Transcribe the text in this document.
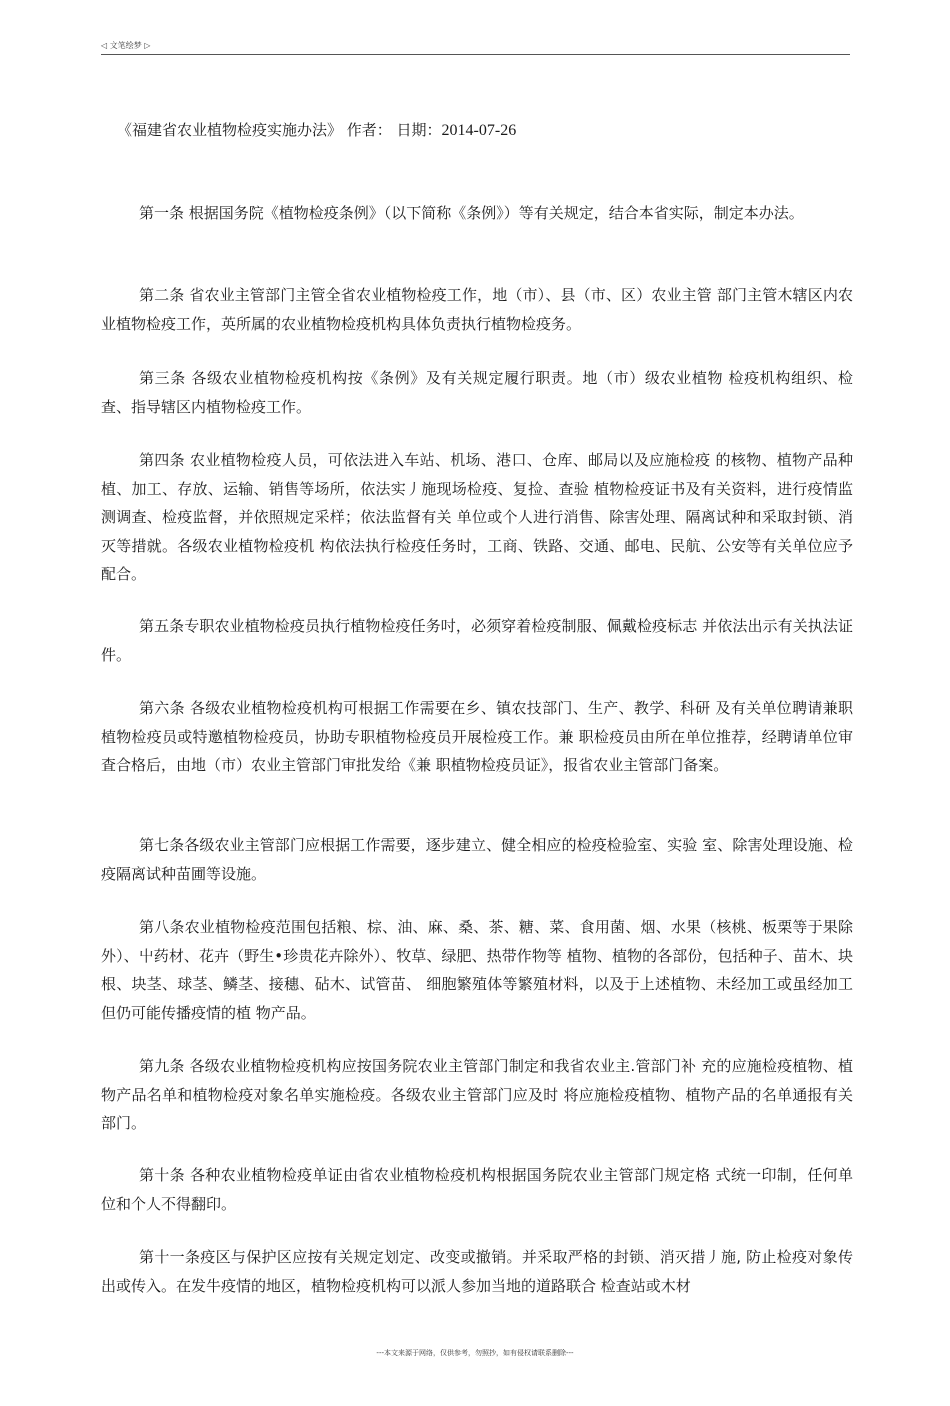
◁ 文笔绘梦 ▷
《福建省农业植物检疫实施办法》 作者： 日期：2014-07-26

第一条 根据国务院《植物检疫条例》（以下简称《条例》）等有关规定，结合本省实际，制定本办法。

第二条 省农业主管部门主管全省农业植物检疫工作，地（市）、县（市、区）农业主管 部门主管木辖区内农业植物检疫工作，英所属的农业植物检疫机构具体负责执行植物检疫务。

第三条 各级农业植物检疫机构按《条例》及有关规定履行职责。地（市）级农业植物 检疫机构组织、检查、指导辖区内植物检疫工作。

第四条 农业植物检疫人员，可依法进入车站、机场、港口、仓库、邮局以及应施检疫 的核物、植物产品种植、加工、存放、运输、销售等场所，依法实丿施现场检疫、复捡、查验 植物检疫证书及有关资料，进行疫情监测调查、检疫监督，并依照规定采样；依法监督有关 单位或个人进行消售、除害处理、隔离试种和采取封锁、消灭等措就。各级农业植物检疫机 构依法执行检疫任务时，工商、铁路、交通、邮电、民航、公安等有关单位应予配合。

第五条专职农业植物检疫员执行植物检疫任务吋，必须穿着检疫制服、佩戴检疫标志 并依法出示有关执法证件。

第六条 各级农业植物检疫机构可根据工作需要在乡、镇农技部门、生产、教学、科研 及有关单位聘请兼职植物检疫员或特邀植物检疫员，协助专职植物检疫员开展检疫工作。兼 职检疫员由所在单位推荐，经聘请单位审査合格后，由地（市）农业主管部门审批发给《兼 职植物检疫员证》，报省农业主管部门备案。

第七条各级农业主管部门应根据工作需要，逐步建立、健全相应的检疫检验室、实验 室、除害处理设施、检疫隔离试种苗圃等设施。

第八条农业植物检疫范围包括粮、棕、油、麻、桑、茶、糖、菜、食用菌、烟、水果（核桃、板栗等于果除外）、屮药材、花卉（野生•珍贵花卉除外）、牧草、绿肥、热带作物等 植物、植物的各部份，包括种子、苗木、块根、块茎、球茎、鳞茎、接穗、砧木、试管苗、 细胞繁殖体等繁殖材料，以及于上述植物、未经加工或虽经加工但仍可能传播疫情的植 物产品。

第九条 各级农业植物检疫机构应按国务院农业主管部门制定和我省农业主.管部门补 充的应施检疫植物、植物产品名单和植物检疫对象名单实施检疫。各级农业主管部门应及时 将应施检疫植物、植物产品的名单通报有关部门。

第十条 各种农业植物检疫单证由省农业植物检疫机构根据国务院农业主管部门规定格 式统一印制，任何单位和个人不得翻印。

第十一条疫区与保护区应按有关规定划定、改变或撤销。并采取严格的封锁、消灭措丿施, 防止检疫对象传出或传入。在发牛疫情的地区，植物检疫机构可以派人参加当地的道路联合 检查站或木材

---本文来源于网络，仅供参考，勿照抄，如有侵权请联系删除---
